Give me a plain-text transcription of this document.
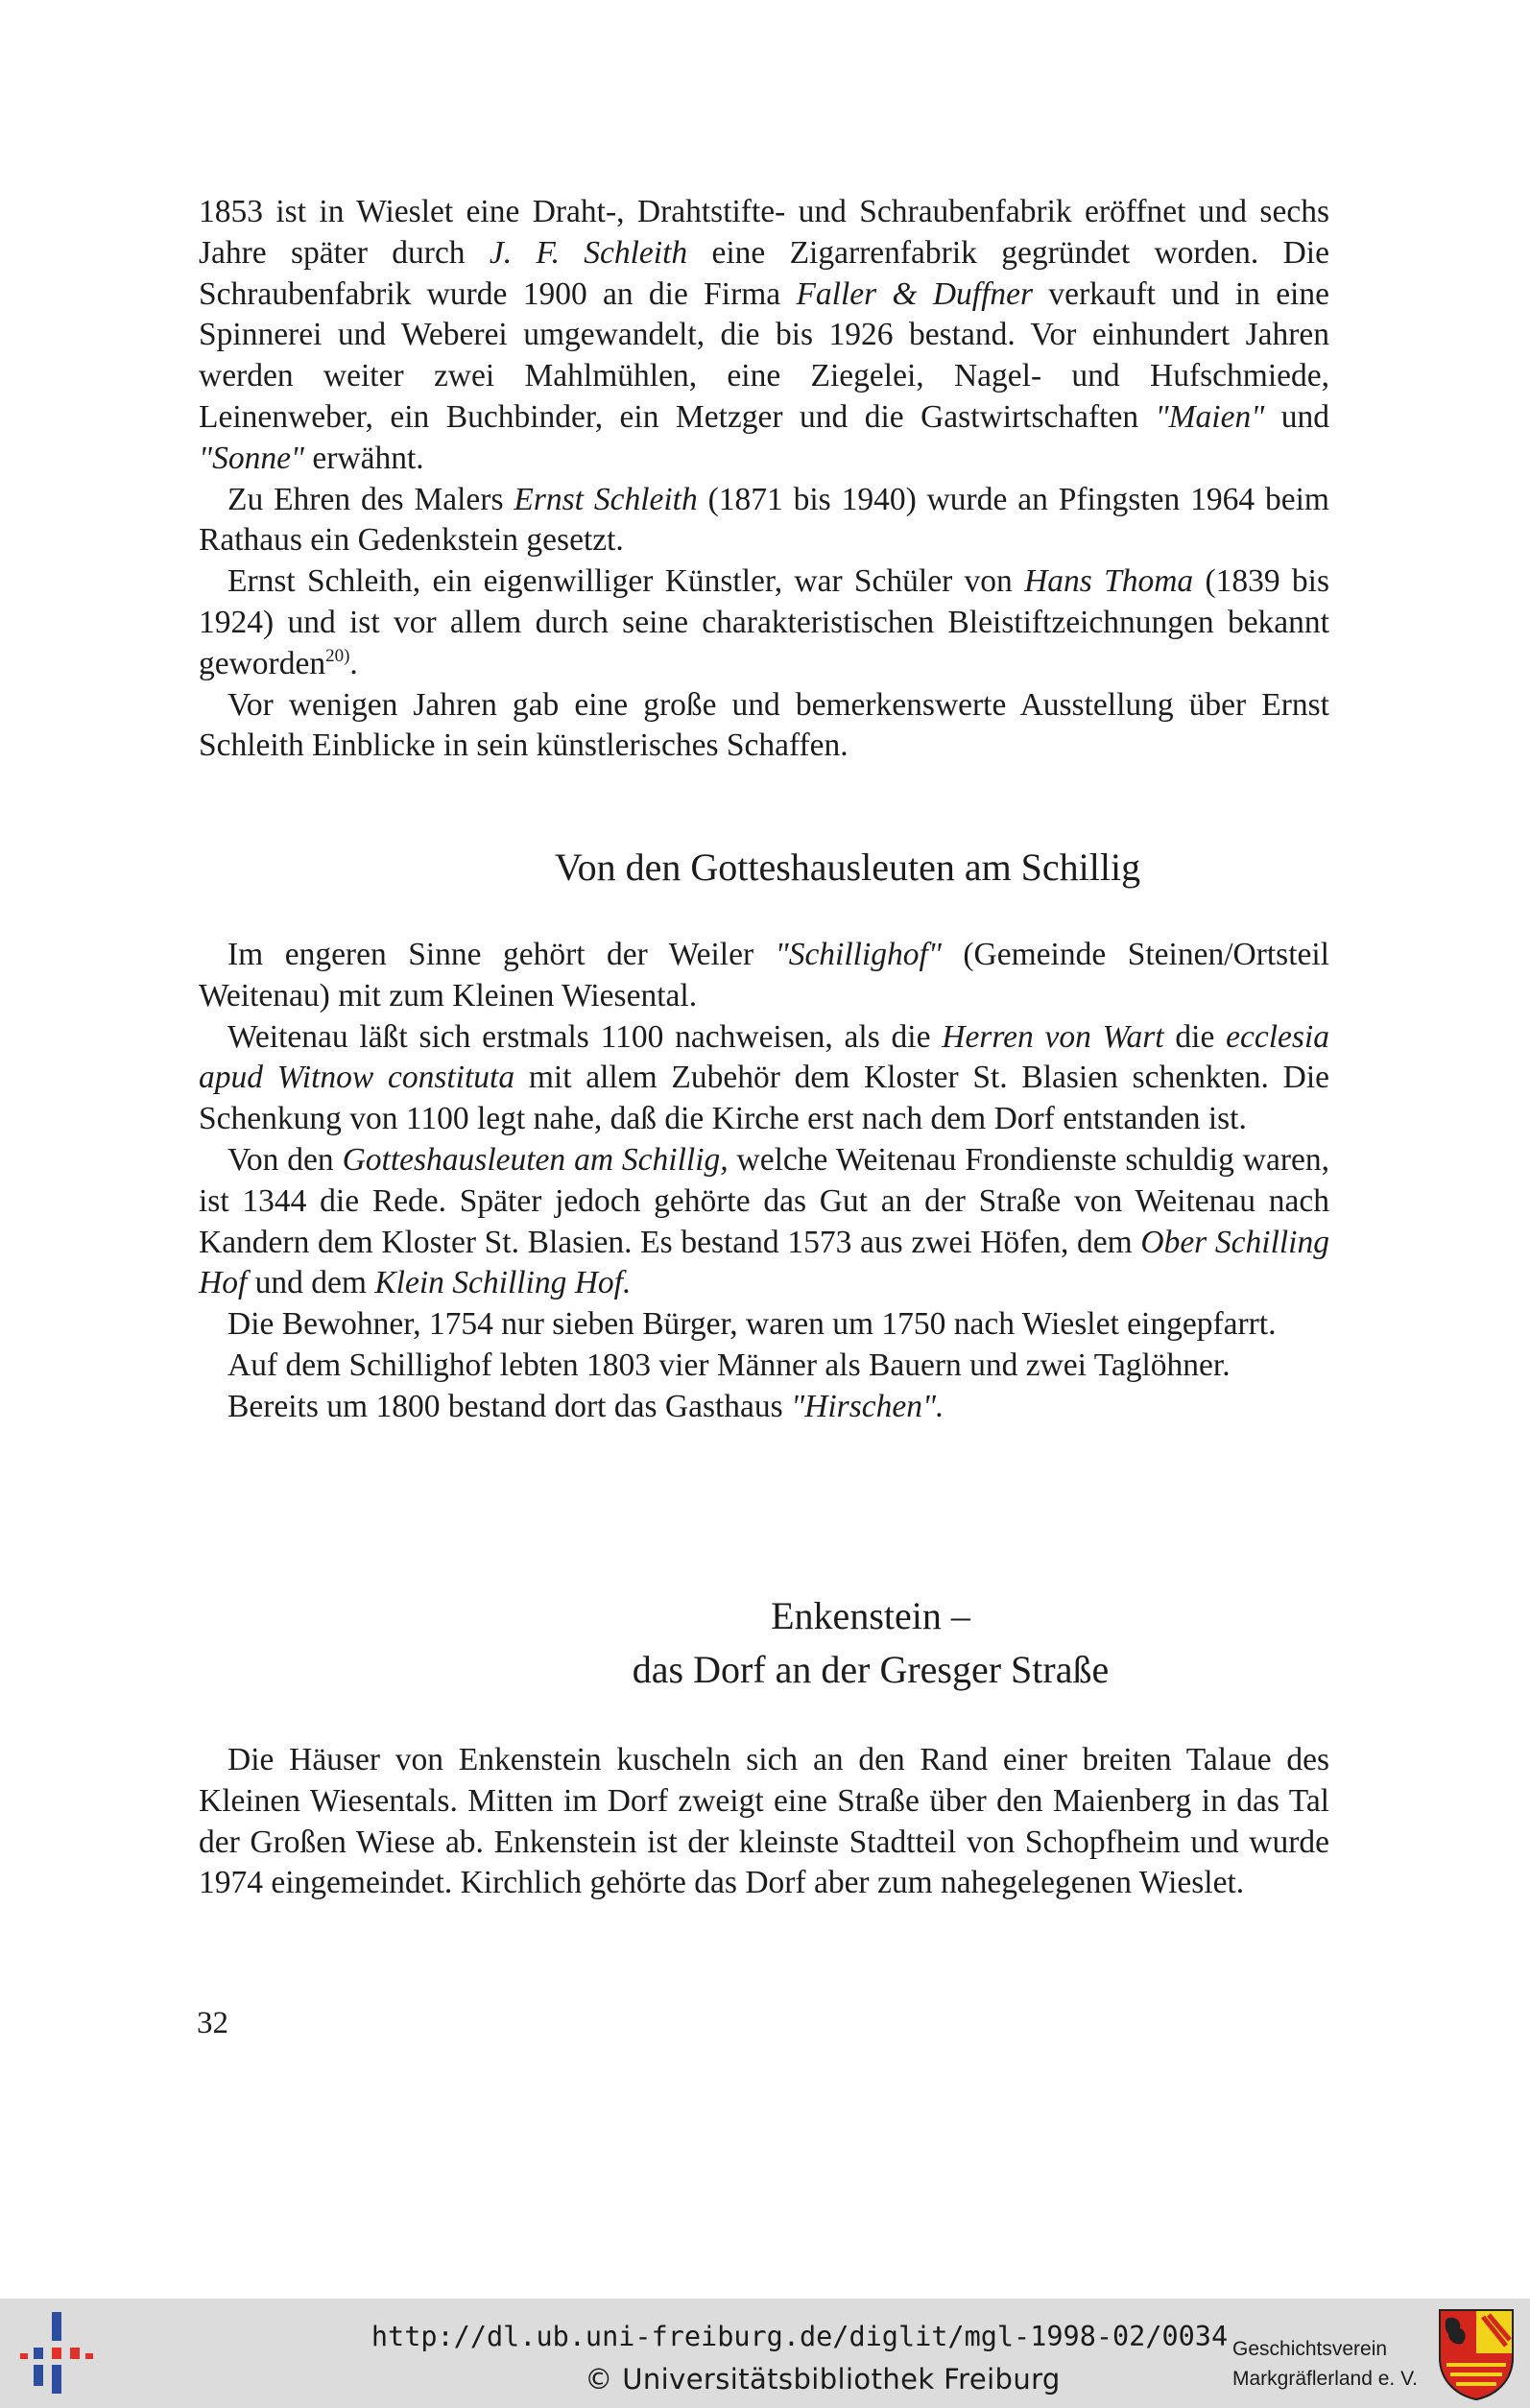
1853 ist in Wieslet eine Draht-, Drahtstifte- und Schraubenfabrik eröffnet und sechs Jahre später durch J. F. Schleith eine Zigarrenfabrik gegründet worden. Die Schraubenfabrik wurde 1900 an die Firma Faller & Duffner verkauft und in eine Spinnerei und Weberei umgewandelt, die bis 1926 bestand. Vor einhundert Jahren werden weiter zwei Mahlmühlen, eine Ziegelei, Nagel- und Hufschmiede, Leinenweber, ein Buchbinder, ein Metzger und die Gastwirtschaften "Maien" und "Sonne" erwähnt.

Zu Ehren des Malers Ernst Schleith (1871 bis 1940) wurde an Pfingsten 1964 beim Rathaus ein Gedenkstein gesetzt.

Ernst Schleith, ein eigenwilliger Künstler, war Schüler von Hans Thoma (1839 bis 1924) und ist vor allem durch seine charakteristischen Bleistiftzeichnungen bekannt geworden$^{20)}$.

Vor wenigen Jahren gab eine große und bemerkenswerte Ausstellung über Ernst Schleith Einblicke in sein künstlerisches Schaffen.

Von den Gotteshausleuten am Schillig

Im engeren Sinne gehört der Weiler "Schillighof" (Gemeinde Steinen/Ortsteil Weitenau) mit zum Kleinen Wiesental.

Weitenau läßt sich erstmals 1100 nachweisen, als die Herren von Wart die ecclesia apud Witnow constituta mit allem Zubehör dem Kloster St. Blasien schenkten. Die Schenkung von 1100 legt nahe, daß die Kirche erst nach dem Dorf entstanden ist.

Von den Gotteshausleuten am Schillig, welche Weitenau Frondienste schuldig waren, ist 1344 die Rede. Später jedoch gehörte das Gut an der Straße von Weitenau nach Kandern dem Kloster St. Blasien. Es bestand 1573 aus zwei Höfen, dem Ober Schilling Hof und dem Klein Schilling Hof.

Die Bewohner, 1754 nur sieben Bürger, waren um 1750 nach Wieslet eingepfarrt.

Auf dem Schillighof lebten 1803 vier Männer als Bauern und zwei Taglöhner.

Bereits um 1800 bestand dort das Gasthaus "Hirschen".

Enkenstein –
das Dorf an der Gresger Straße

Die Häuser von Enkenstein kuscheln sich an den Rand einer breiten Talaue des Kleinen Wiesentals. Mitten im Dorf zweigt eine Straße über den Maienberg in das Tal der Großen Wiese ab. Enkenstein ist der kleinste Stadtteil von Schopfheim und wurde 1974 eingemeindet. Kirchlich gehörte das Dorf aber zum nahegelegenen Wieslet.

32
http://dl.ub.uni-freiburg.de/diglit/mgl-1998-02/0034
© Universitätsbibliothek Freiburg
Geschichtsverein
Markgräflerland e. V.
